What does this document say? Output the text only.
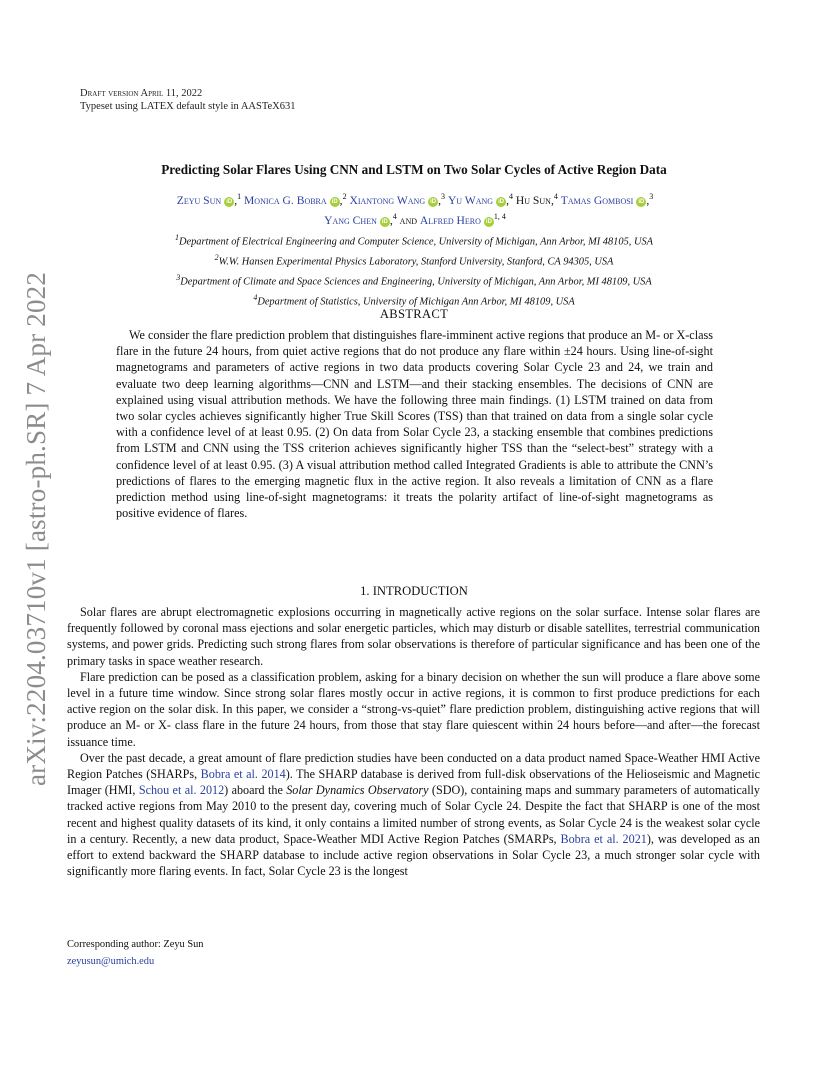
arXiv:2204.03710v1 [astro-ph.SR] 7 Apr 2022
Draft version April 11, 2022
Typeset using LATEX default style in AASTeX631
Predicting Solar Flares Using CNN and LSTM on Two Solar Cycles of Active Region Data
Zeyu Sun iD ,$^1$ Monica G. Bobra iD ,$^2$ Xiantong Wang iD ,$^3$ Yu Wang iD ,$^4$ Hu Sun,$^4$ Tamas Gombosi iD ,$^3$
Yang Chen iD ,$^4$ and Alfred Hero iD$^{1, 4}$
$^1$Department of Electrical Engineering and Computer Science, University of Michigan, Ann Arbor, MI 48105, USA
$^2$W.W. Hansen Experimental Physics Laboratory, Stanford University, Stanford, CA 94305, USA
$^3$Department of Climate and Space Sciences and Engineering, University of Michigan, Ann Arbor, MI 48109, USA
$^4$Department of Statistics, University of Michigan Ann Arbor, MI 48109, USA
ABSTRACT

We consider the flare prediction problem that distinguishes flare-imminent active regions that produce an M- or X-class flare in the future 24 hours, from quiet active regions that do not produce any flare within ±24 hours. Using line-of-sight magnetograms and parameters of active regions in two data products covering Solar Cycle 23 and 24, we train and evaluate two deep learning algorithms—CNN and LSTM—and their stacking ensembles. The decisions of CNN are explained using visual attribution methods. We have the following three main findings. (1) LSTM trained on data from two solar cycles achieves significantly higher True Skill Scores (TSS) than that trained on data from a single solar cycle with a confidence level of at least 0.95. (2) On data from Solar Cycle 23, a stacking ensemble that combines predictions from LSTM and CNN using the TSS criterion achieves significantly higher TSS than the “select-best” strategy with a confidence level of at least 0.95. (3) A visual attribution method called Integrated Gradients is able to attribute the CNN’s predictions of flares to the emerging magnetic flux in the active region. It also reveals a limitation of CNN as a flare prediction method using line-of-sight magnetograms: it treats the polarity artifact of line-of-sight magnetograms as positive evidence of flares.

1. INTRODUCTION

Solar flares are abrupt electromagnetic explosions occurring in magnetically active regions on the solar surface. Intense solar flares are frequently followed by coronal mass ejections and solar energetic particles, which may disturb or disable satellites, terrestrial communication systems, and power grids. Predicting such strong flares from solar observations is therefore of particular significance and has been one of the primary tasks in space weather research.

Flare prediction can be posed as a classification problem, asking for a binary decision on whether the sun will produce a flare above some level in a future time window. Since strong solar flares mostly occur in active regions, it is common to first produce predictions for each active region on the solar disk. In this paper, we consider a “strong-vs-quiet” flare prediction problem, distinguishing active regions that will produce an M- or X- class flare in the future 24 hours, from those that stay flare quiescent within 24 hours before—and after—the forecast issuance time.

Over the past decade, a great amount of flare prediction studies have been conducted on a data product named Space-Weather HMI Active Region Patches (SHARPs, Bobra et al. 2014). The SHARP database is derived from full-disk observations of the Helioseismic and Magnetic Imager (HMI, Schou et al. 2012) aboard the Solar Dynamics Observatory (SDO), containing maps and summary parameters of automatically tracked active regions from May 2010 to the present day, covering much of Solar Cycle 24. Despite the fact that SHARP is one of the most recent and highest quality datasets of its kind, it only contains a limited number of strong events, as Solar Cycle 24 is the weakest solar cycle in a century. Recently, a new data product, Space-Weather MDI Active Region Patches (SMARPs, Bobra et al. 2021), was developed as an effort to extend backward the SHARP database to include active region observations in Solar Cycle 23, a much stronger solar cycle with significantly more flaring events. In fact, Solar Cycle 23 is the longest

Corresponding author: Zeyu Sun
zeyusun@umich.edu
